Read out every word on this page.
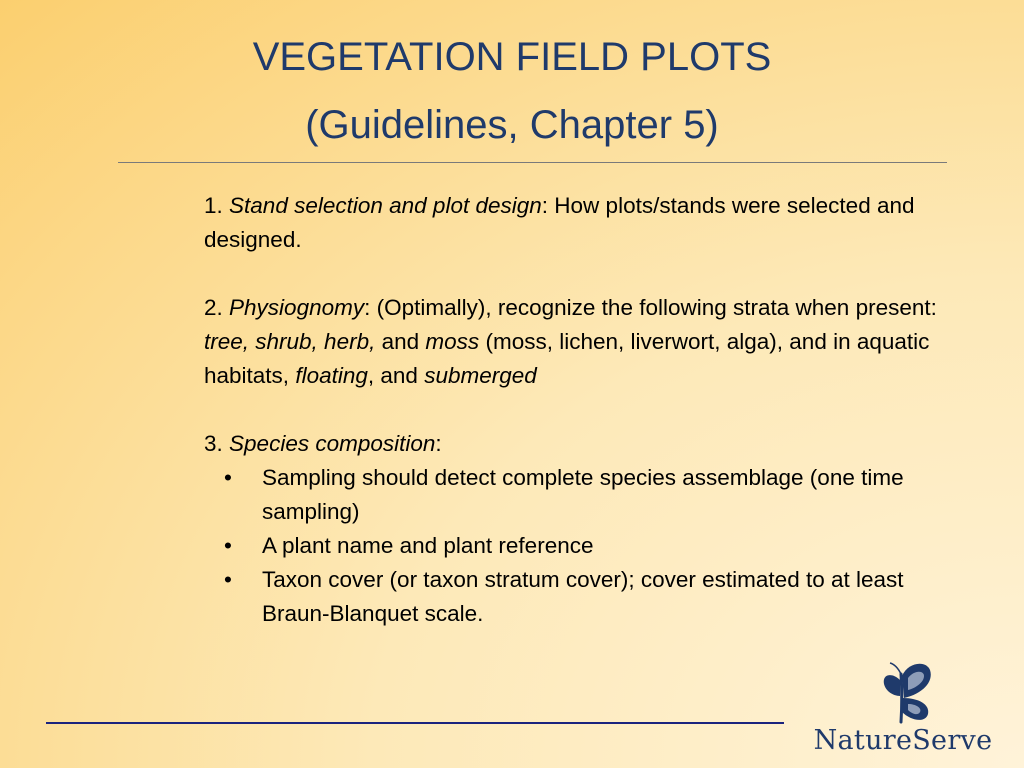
VEGETATION FIELD PLOTS
(Guidelines, Chapter 5)

1. Stand selection and plot design: How plots/stands were selected and designed.

2. Physiognomy: (Optimally), recognize the following strata when present: tree, shrub, herb, and moss (moss, lichen, liverwort, alga), and in aquatic habitats, floating, and submerged

3. Species composition:

• Sampling should detect complete species assemblage (one time sampling)
• A plant name and plant reference
• Taxon cover (or taxon stratum cover); cover estimated to at least Braun-Blanquet scale.
NatureServe
